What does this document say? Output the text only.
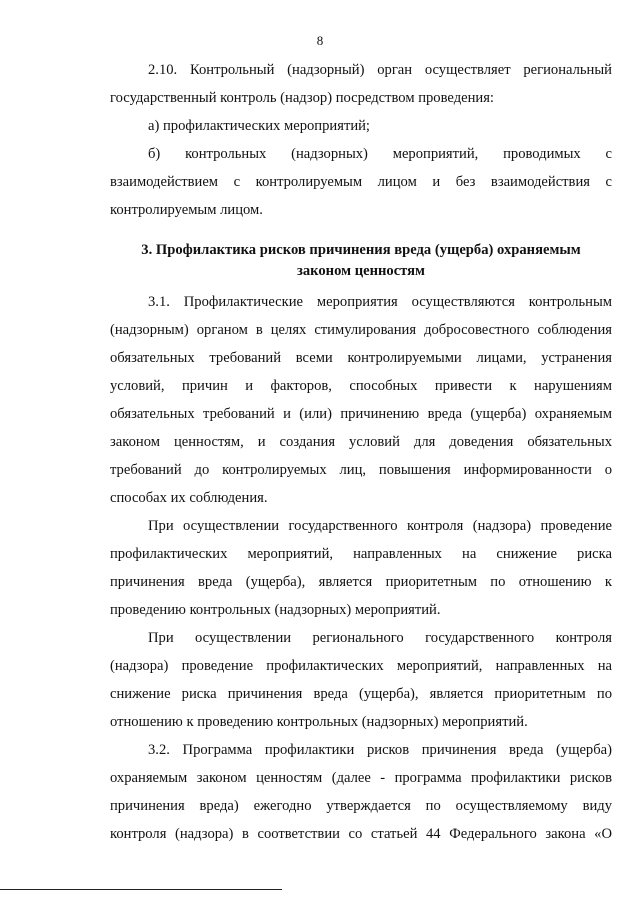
8
2.10. Контрольный (надзорный) орган осуществляет региональный
государственный контроль (надзор) посредством проведения:
а) профилактических мероприятий;
б) контрольных (надзорных) мероприятий, проводимых с
взаимодействием с контролируемым лицом и без взаимодействия с
контролируемым лицом.
3. Профилактика рисков причинения вреда (ущерба) охраняемым
законом ценностям
3.1. Профилактические мероприятия осуществляются контрольным
(надзорным) органом в целях стимулирования добросовестного соблюдения
обязательных требований всеми контролируемыми лицами, устранения
условий, причин и факторов, способных привести к нарушениям
обязательных требований и (или) причинению вреда (ущерба) охраняемым
законом ценностям, и создания условий для доведения обязательных
требований до контролируемых лиц, повышения информированности о
способах их соблюдения.
При осуществлении государственного контроля (надзора) проведение
профилактических мероприятий, направленных на снижение риска
причинения вреда (ущерба), является приоритетным по отношению к
проведению контрольных (надзорных) мероприятий.
При осуществлении регионального государственного контроля
(надзора) проведение профилактических мероприятий, направленных на
снижение риска причинения вреда (ущерба), является приоритетным по
отношению к проведению контрольных (надзорных) мероприятий.
3.2. Программа профилактики рисков причинения вреда (ущерба)
охраняемым законом ценностям (далее - программа профилактики рисков
причинения вреда) ежегодно утверждается по осуществляемому виду
контроля (надзора) в соответствии со статьей 44 Федерального закона «О
